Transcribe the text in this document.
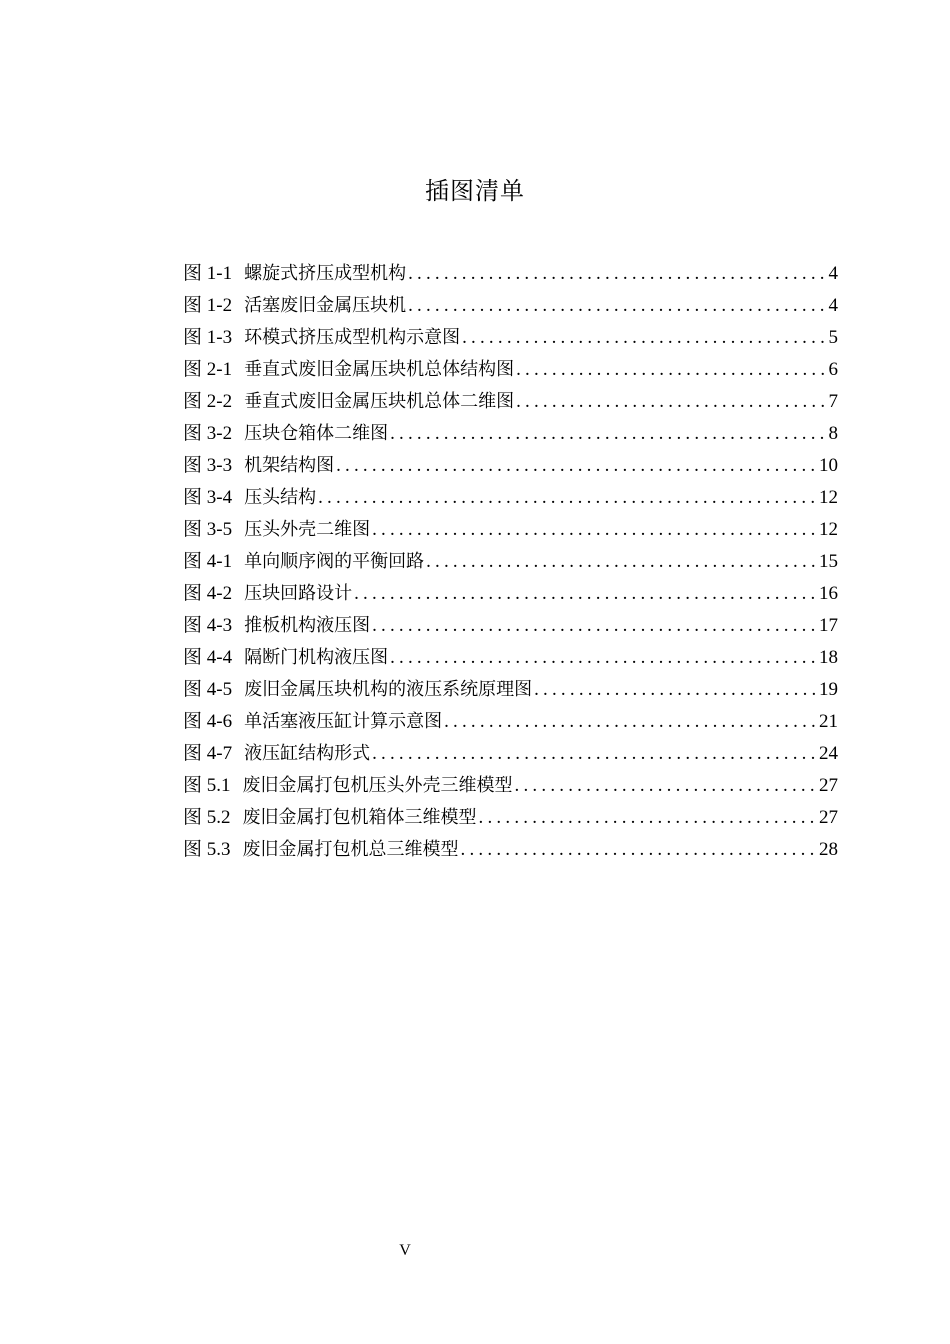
插图清单
图 1-1 螺旋式挤压成型机构 .....	4
图 1-2 活塞废旧金属压块机 .....	4
图 1-3 环模式挤压成型机构示意图 .....	5
图 2-1 垂直式废旧金属压块机总体结构图 .....	6
图 2-2 垂直式废旧金属压块机总体二维图 .....	7
图 3-2 压块仓箱体二维图 .....	8
图 3-3 机架结构图 .....	10
图 3-4 压头结构 .....	12
图 3-5 压头外壳二维图 .....	12
图 4-1 单向顺序阀的平衡回路 .....	15
图 4-2 压块回路设计 .....	16
图 4-3 推板机构液压图 .....	17
图 4-4 隔断门机构液压图 .....	18
图 4-5 废旧金属压块机构的液压系统原理图 .....	19
图 4-6 单活塞液压缸计算示意图 .....	21
图 4-7 液压缸结构形式 .....	24
图 5.1 废旧金属打包机压头外壳三维模型 .....	27
图 5.2 废旧金属打包机箱体三维模型 .....	27
图 5.3 废旧金属打包机总三维模型 .....	28
V
